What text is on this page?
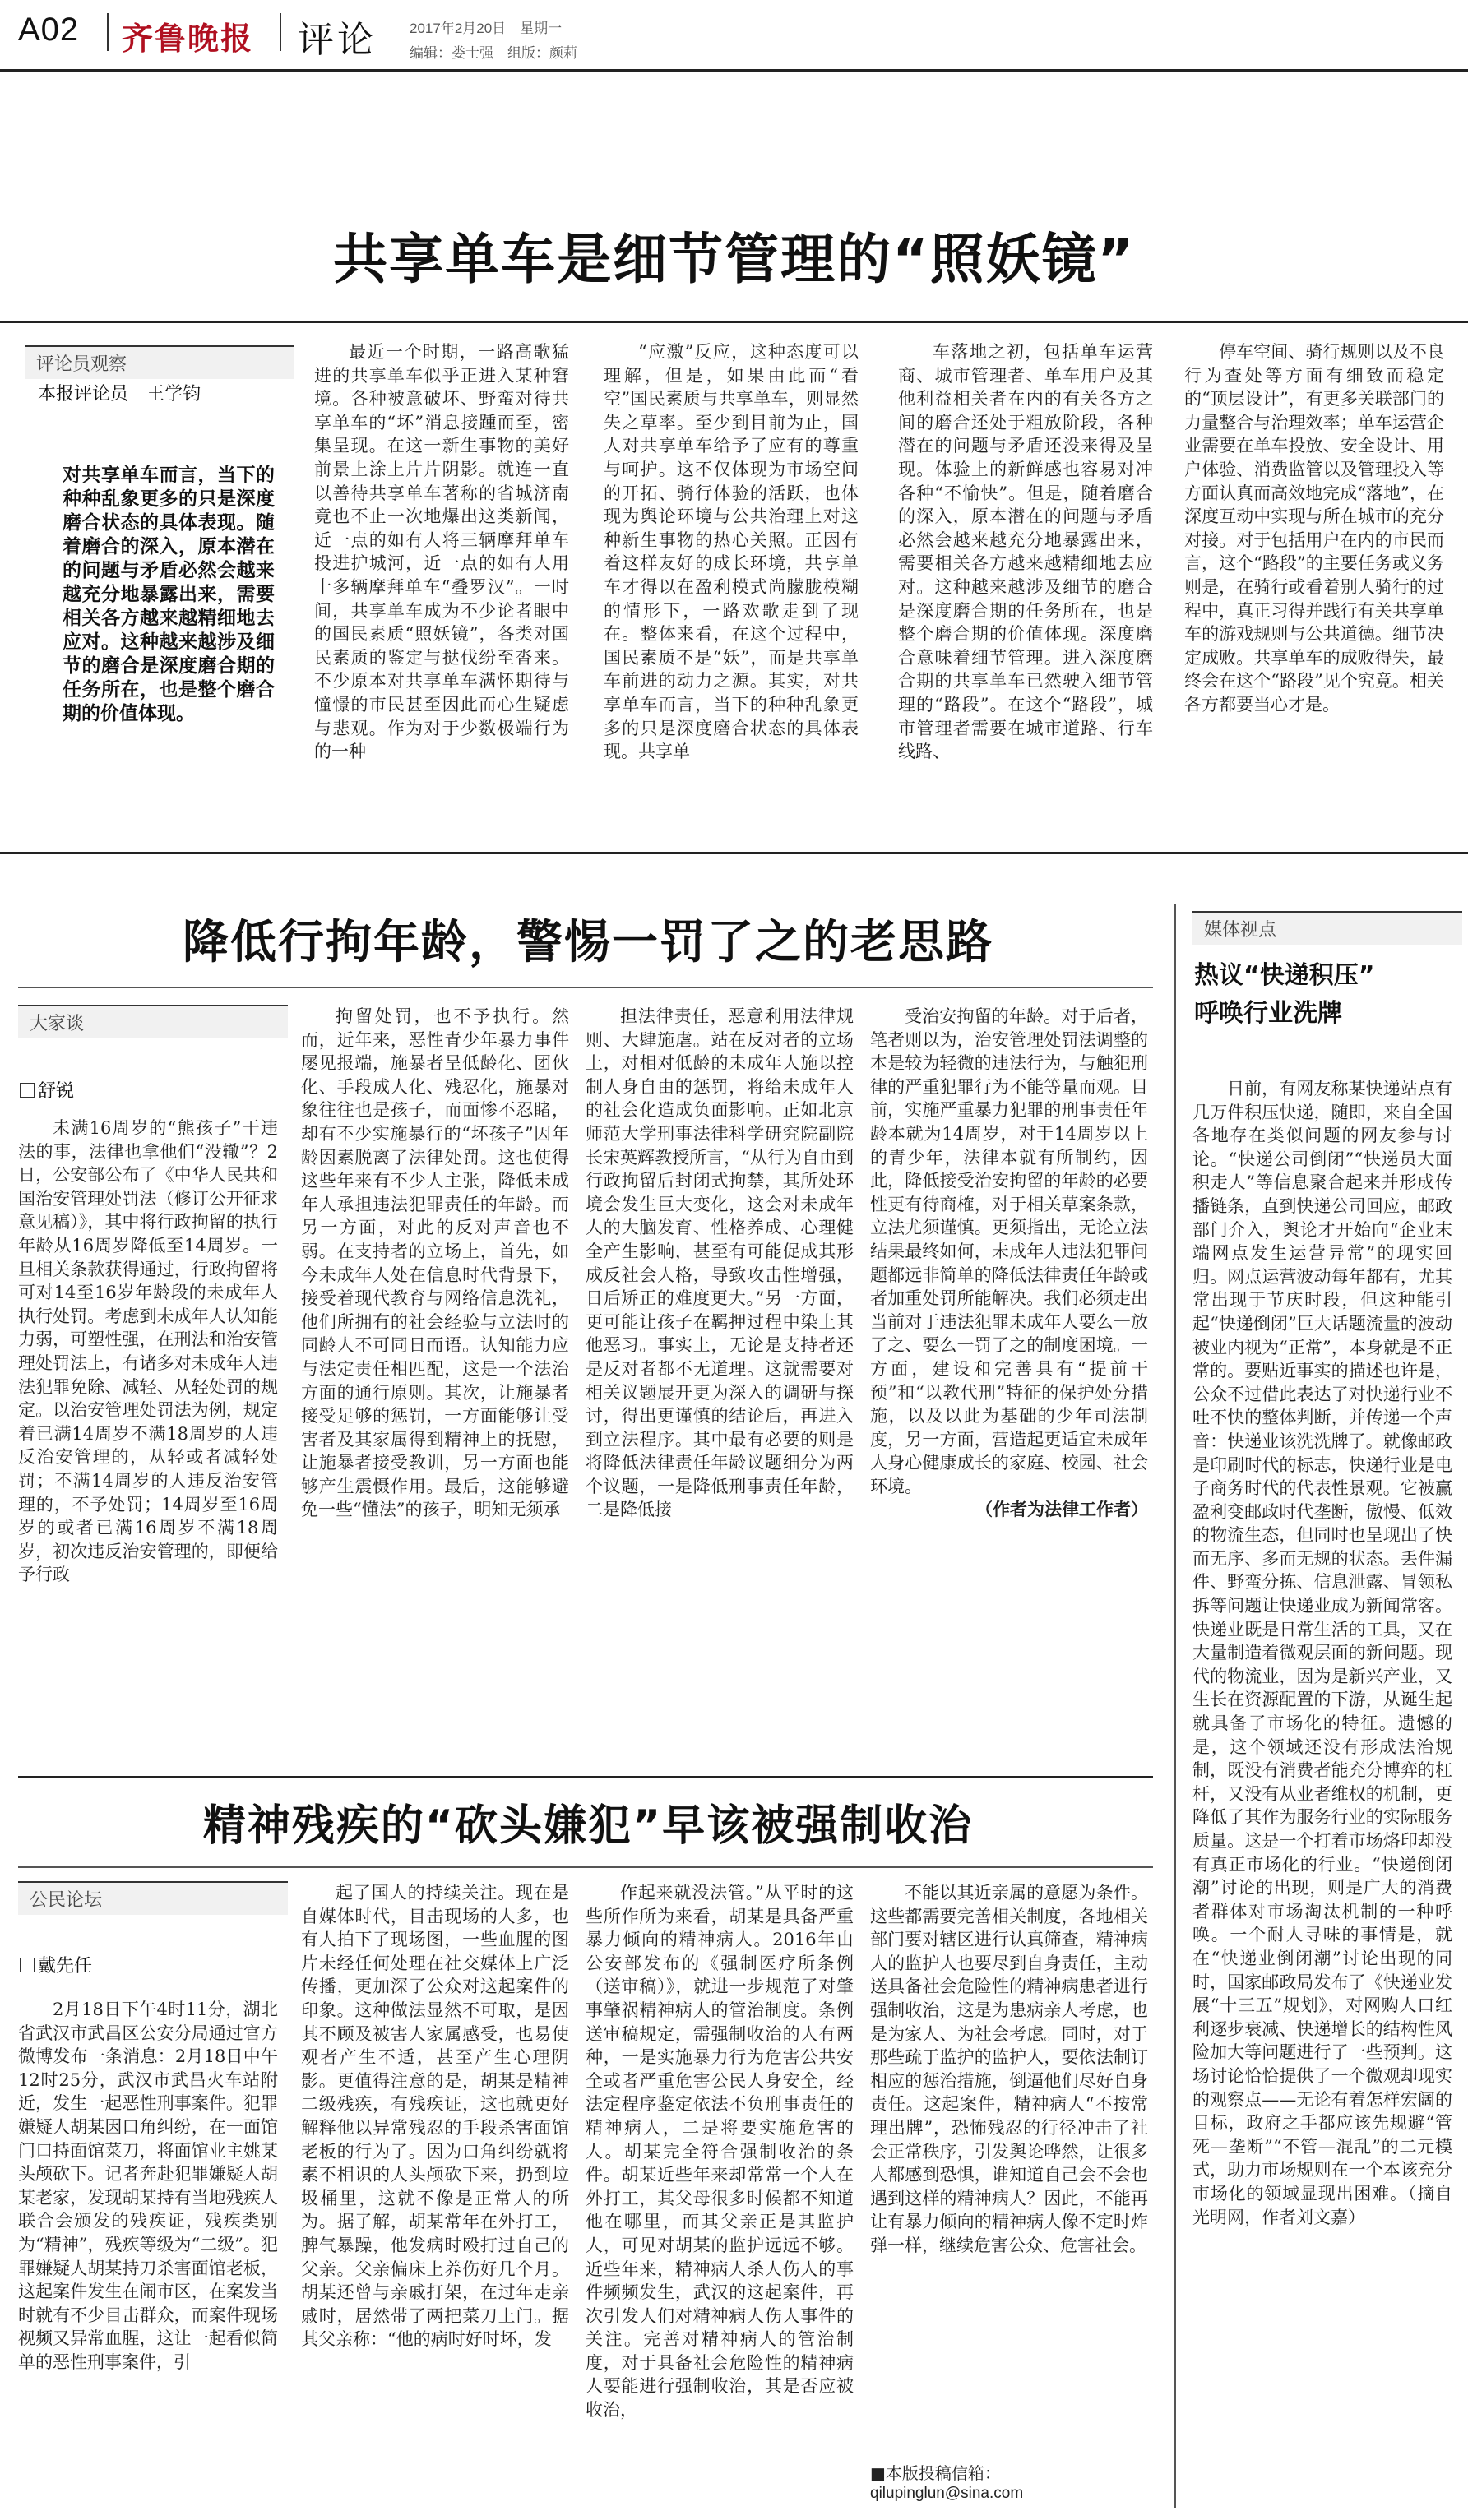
A02 齐鲁晚报 评论 2017年2月20日　星期一
编辑：娄士强　组版：颜莉
共享单车是细节管理的“照妖镜”
评论员观察
本报评论员　王学钧
对共享单车而言，当下的种种乱象更多的只是深度磨合状态的具体表现。随着磨合的深入，原本潜在的问题与矛盾必然会越来越充分地暴露出来，需要相关各方越来越精细地去应对。这种越来越涉及细节的磨合是深度磨合期的任务所在，也是整个磨合期的价值体现。

最近一个时期，一路高歌猛进的共享单车似乎正进入某种窘境。各种被意破坏、野蛮对待共享单车的“坏”消息接踵而至，密集呈现。在这一新生事物的美好前景上涂上片片阴影。就连一直以善待共享单车著称的省城济南竟也不止一次地爆出这类新闻，近一点的如有人将三辆摩拜单车投进护城河，近一点的如有人用十多辆摩拜单车“叠罗汉”。一时间，共享单车成为不少论者眼中的国民素质“照妖镜”，各类对国民素质的鉴定与挞伐纷至沓来。不少原本对共享单车满怀期待与憧憬的市民甚至因此而心生疑虑与悲观。作为对于少数极端行为的一种

“应激”反应，这种态度可以理解，但是，如果由此而“看空”国民素质与共享单车，则显然失之草率。至少到目前为止，国人对共享单车给予了应有的尊重与呵护。这不仅体现为市场空间的开拓、骑行体验的活跃，也体现为舆论环境与公共治理上对这种新生事物的热心关照。正因有着这样友好的成长环境，共享单车才得以在盈利模式尚朦胧模糊的情形下，一路欢歌走到了现在。整体来看，在这个过程中，国民素质不是“妖”，而是共享单车前进的动力之源。其实，对共享单车而言，当下的种种乱象更多的只是深度磨合状态的具体表现。共享单

车落地之初，包括单车运营商、城市管理者、单车用户及其他利益相关者在内的有关各方之间的磨合还处于粗放阶段，各种潜在的问题与矛盾还没来得及呈现。体验上的新鲜感也容易对冲各种“不愉快”。但是，随着磨合的深入，原本潜在的问题与矛盾必然会越来越充分地暴露出来，需要相关各方越来越精细地去应对。这种越来越涉及细节的磨合是深度磨合期的任务所在，也是整个磨合期的价值体现。深度磨合意味着细节管理。进入深度磨合期的共享单车已然驶入细节管理的“路段”。在这个“路段”，城市管理者需要在城市道路、行车线路、

停车空间、骑行规则以及不良行为查处等方面有细致而稳定的“顶层设计”，有更多关联部门的力量整合与治理效率；单车运营企业需要在单车投放、安全设计、用户体验、消费监管以及管理投入等方面认真而高效地完成“落地”，在深度互动中实现与所在城市的充分对接。对于包括用户在内的市民而言，这个“路段”的主要任务或义务则是，在骑行或看着别人骑行的过程中，真正习得并践行有关共享单车的游戏规则与公共道德。细节决定成败。共享单车的成败得失，最终会在这个“路段”见个究竟。相关各方都要当心才是。

降低行拘年龄，警惕一罚了之的老思路
大家谈
舒锐

未满16周岁的“熊孩子”干违法的事，法律也拿他们“没辙”？2日，公安部公布了《中华人民共和国治安管理处罚法（修订公开征求意见稿）》，其中将行政拘留的执行年龄从16周岁降低至14周岁。一旦相关条款获得通过，行政拘留将可对14至16岁年龄段的未成年人执行处罚。考虑到未成年人认知能力弱，可塑性强，在刑法和治安管理处罚法上，有诸多对未成年人违法犯罪免除、减轻、从轻处罚的规定。以治安管理处罚法为例，规定着已满14周岁不满18周岁的人违反治安管理的，从轻或者减轻处罚；不满14周岁的人违反治安管理的，不予处罚；14周岁至16周岁的或者已满16周岁不满18周岁，初次违反治安管理的，即便给予行政

拘留处罚，也不予执行。然而，近年来，恶性青少年暴力事件屡见报端，施暴者呈低龄化、团伙化、手段成人化、残忍化，施暴对象往往也是孩子，而面惨不忍睹，却有不少实施暴行的“坏孩子”因年龄因素脱离了法律处罚。这也使得这些年来有不少人主张，降低未成年人承担违法犯罪责任的年龄。而另一方面，对此的反对声音也不弱。在支持者的立场上，首先，如今未成年人处在信息时代背景下，接受着现代教育与网络信息洗礼，他们所拥有的社会经验与立法时的同龄人不可同日而语。认知能力应与法定责任相匹配，这是一个法治方面的通行原则。其次，让施暴者接受足够的惩罚，一方面能够让受害者及其家属得到精神上的抚慰，让施暴者接受教训，另一方面也能够产生震慑作用。最后，这能够避免一些“懂法”的孩子，明知无须承

担法律责任，恶意利用法律规则、大肆施虐。站在反对者的立场上，对相对低龄的未成年人施以控制人身自由的惩罚，将给未成年人的社会化造成负面影响。正如北京师范大学刑事法律科学研究院副院长宋英辉教授所言，“从行为自由到行政拘留后封闭式拘禁，其所处环境会发生巨大变化，这会对未成年人的大脑发育、性格养成、心理健全产生影响，甚至有可能促成其形成反社会人格，导致攻击性增强，日后矫正的难度更大。”另一方面，更可能让孩子在羁押过程中染上其他恶习。事实上，无论是支持者还是反对者都不无道理。这就需要对相关议题展开更为深入的调研与探讨，得出更谨慎的结论后，再进入到立法程序。其中最有必要的则是将降低法律责任年龄议题细分为两个议题，一是降低刑事责任年龄，二是降低接

受治安拘留的年龄。对于后者，笔者则以为，治安管理处罚法调整的本是较为轻微的违法行为，与触犯刑律的严重犯罪行为不能等量而观。目前，实施严重暴力犯罪的刑事责任年龄本就为14周岁，对于14周岁以上的青少年，法律本就有所制约，因此，降低接受治安拘留的年龄的必要性更有待商榷，对于相关草案条款，立法尤须谨慎。更须指出，无论立法结果最终如何，未成年人违法犯罪问题都远非简单的降低法律责任年龄或者加重处罚所能解决。我们必须走出当前对于违法犯罪未成年人要么一放了之、要么一罚了之的制度困境。一方面，建设和完善具有“提前干预”和“以教代刑”特征的保护处分措施，以及以此为基础的少年司法制度，另一方面，营造起更适宜未成年人身心健康成长的家庭、校园、社会环境。

（作者为法律工作者）

媒体视点
热议“快递积压”
呼唤行业洗牌

日前，有网友称某快递站点有几万件积压快递，随即，来自全国各地存在类似问题的网友参与讨论。“快递公司倒闭”“快递员大面积走人”等信息聚合起来并形成传播链条，直到快递公司回应，邮政部门介入，舆论才开始向“企业末端网点发生运营异常”的现实回归。网点运营波动每年都有，尤其常出现于节庆时段，但这种能引起“快递倒闭”巨大话题流量的波动被业内视为“正常”，本身就是不正常的。要贴近事实的描述也许是，公众不过借此表达了对快递行业不吐不快的整体判断，并传递一个声音：快递业该洗洗牌了。就像邮政是印刷时代的标志，快递行业是电子商务时代的代表性景观。它被赢盈利变邮政时代垄断，傲慢、低效的物流生态，但同时也呈现出了快而无序、多而无规的状态。丢件漏件、野蛮分拣、信息泄露、冒领私拆等问题让快递业成为新闻常客。快递业既是日常生活的工具，又在大量制造着微观层面的新问题。现代的物流业，因为是新兴产业，又生长在资源配置的下游，从诞生起就具备了市场化的特征。遗憾的是，这个领域还没有形成法治规制，既没有消费者能充分博弈的杠杆，又没有从业者维权的机制，更降低了其作为服务行业的实际服务质量。这是一个打着市场烙印却没有真正市场化的行业。“快递倒闭潮”讨论的出现，则是广大的消费者群体对市场淘汰机制的一种呼唤。一个耐人寻味的事情是，就在“快递业倒闭潮”讨论出现的同时，国家邮政局发布了《快递业发展“十三五”规划》，对网购人口红利逐步衰减、快递增长的结构性风险加大等问题进行了一些预判。这场讨论恰恰提供了一个微观却现实的观察点——无论有着怎样宏阔的目标，政府之手都应该先规避“管死—垄断”“不管—混乱”的二元模式，助力市场规则在一个本该充分市场化的领域显现出困难。（摘自光明网，作者刘文嘉）

精神残疾的“砍头嫌犯”早该被强制收治
公民论坛
戴先任

2月18日下午4时11分，湖北省武汉市武昌区公安分局通过官方微博发布一条消息：2月18日中午12时25分，武汉市武昌火车站附近，发生一起恶性刑事案件。犯罪嫌疑人胡某因口角纠纷，在一面馆门口持面馆菜刀，将面馆业主姚某头颅砍下。记者奔赴犯罪嫌疑人胡某老家，发现胡某持有当地残疾人联合会颁发的残疾证，残疾类别为“精神”，残疾等级为“二级”。犯罪嫌疑人胡某持刀杀害面馆老板，这起案件发生在闹市区，在案发当时就有不少目击群众，而案件现场视频又异常血腥，这让一起看似简单的恶性刑事案件，引

起了国人的持续关注。现在是自媒体时代，目击现场的人多，也有人拍下了现场图，一些血腥的图片未经任何处理在社交媒体上广泛传播，更加深了公众对这起案件的印象。这种做法显然不可取，是因其不顾及被害人家属感受，也易使观者产生不适，甚至产生心理阴影。更值得注意的是，胡某是精神二级残疾，有残疾证，这也就更好解释他以异常残忍的手段杀害面馆老板的行为了。因为口角纠纷就将素不相识的人头颅砍下来，扔到垃圾桶里，这就不像是正常人的所为。据了解，胡某常年在外打工，脾气暴躁，他发病时殴打过自己的父亲。父亲偏床上养伤好几个月。胡某还曾与亲戚打架，在过年走亲戚时，居然带了两把菜刀上门。据其父亲称：“他的病时好时坏，发

作起来就没法管。”从平时的这些所作所为来看，胡某是具备严重暴力倾向的精神病人。2016年由公安部发布的《强制医疗所条例（送审稿）》，就进一步规范了对肇事肇祸精神病人的管治制度。条例送审稿规定，需强制收治的人有两种，一是实施暴力行为危害公共安全或者严重危害公民人身安全，经法定程序鉴定依法不负刑事责任的精神病人，二是将要实施危害的人。胡某完全符合强制收治的条件。胡某近些年来却常常一个人在外打工，其父母很多时候都不知道他在哪里，而其父亲正是其监护人，可见对胡某的监护远远不够。近些年来，精神病人杀人伤人的事件频频发生，武汉的这起案件，再次引发人们对精神病人伤人事件的关注。完善对精神病人的管治制度，对于具备社会危险性的精神病人要能进行强制收治，其是否应被收治，

不能以其近亲属的意愿为条件。这些都需要完善相关制度，各地相关部门要对辖区进行认真筛查，精神病人的监护人也要尽到自身责任，主动送具备社会危险性的精神病患者进行强制收治，这是为患病亲人考虑，也是为家人、为社会考虑。同时，对于那些疏于监护的监护人，要依法制订相应的惩治措施，倒逼他们尽好自身责任。这起案件，精神病人“不按常理出牌”，恐怖残忍的行径冲击了社会正常秩序，引发舆论哗然，让很多人都感到恐惧，谁知道自己会不会也遇到这样的精神病人？因此，不能再让有暴力倾向的精神病人像不定时炸弹一样，继续危害公众、危害社会。

■本版投稿信箱：
qilupinglun@sina.com
